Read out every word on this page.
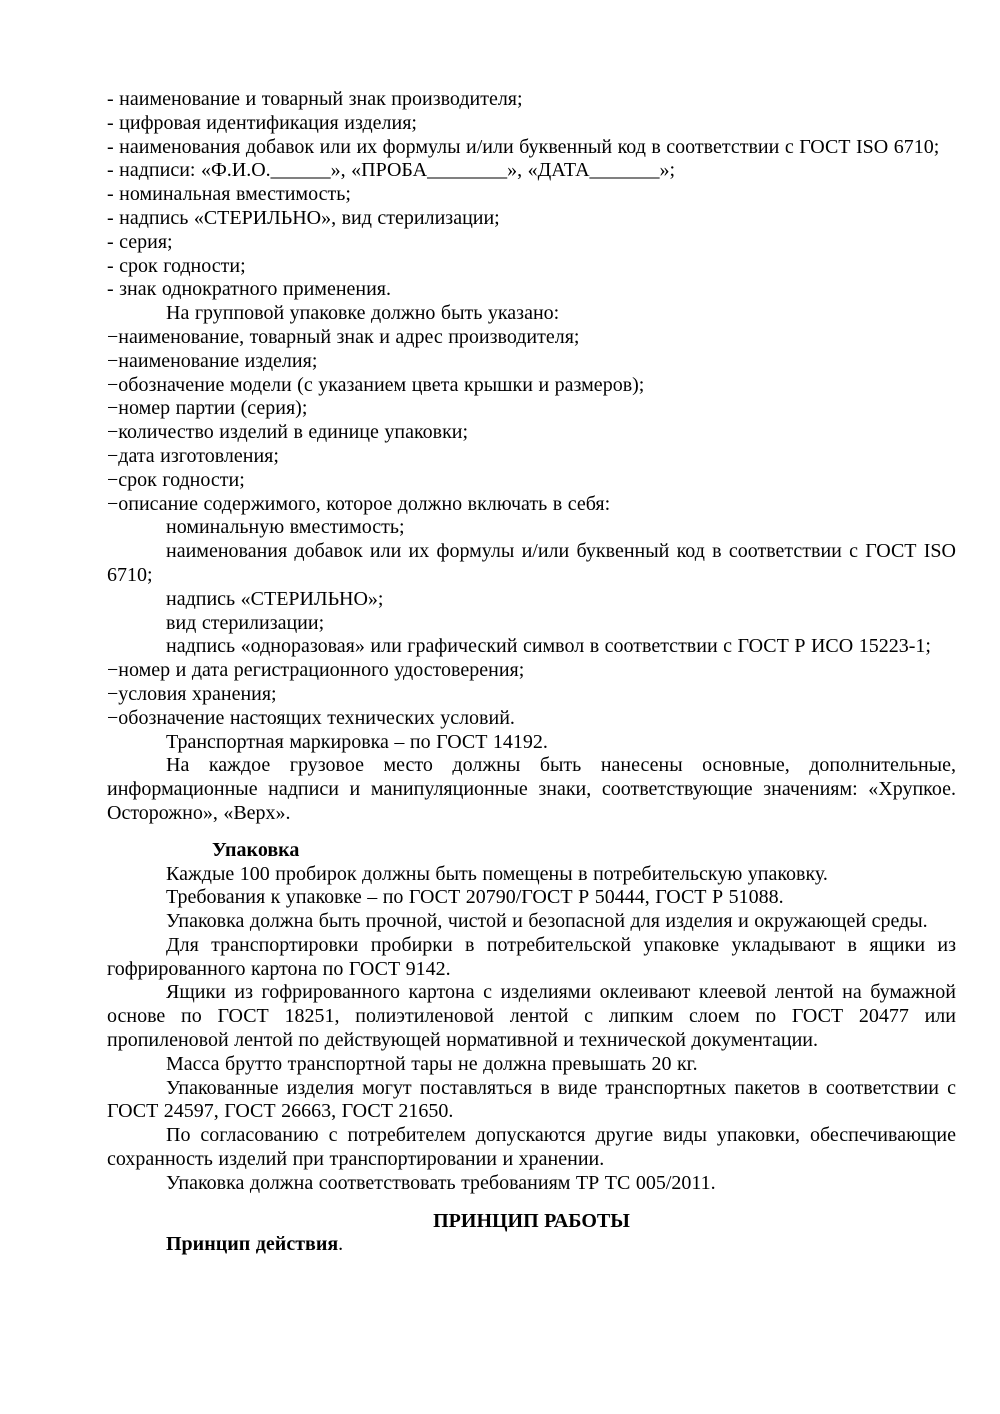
- наименование и товарный знак производителя;

- цифровая идентификация изделия;

- наименования добавок или их формулы и/или буквенный код в соответствии с ГОСТ ISO 6710;

- надписи: «Ф.И.О.______», «ПРОБА________», «ДАТА_______»;

- номинальная вместимость;

- надпись «СТЕРИЛЬНО», вид стерилизации;

- серия;

- срок годности;

- знак однократного применения.

На групповой упаковке должно быть указано:

−наименование, товарный знак и адрес производителя;

−наименование изделия;

−обозначение модели (с указанием цвета крышки и размеров);

−номер партии (серия);

−количество изделий в единице упаковки;

−дата изготовления;

−срок годности;

−описание содержимого, которое должно включать в себя:

номинальную вместимость;

наименования добавок или их формулы и/или буквенный код в соответствии с ГОСТ ISO 6710;

надпись «СТЕРИЛЬНО»;

вид стерилизации;

надпись «одноразовая» или графический символ в соответствии с ГОСТ Р ИСО 15223-1;

−номер и дата регистрационного удостоверения;

−условия хранения;

−обозначение настоящих технических условий.

Транспортная маркировка – по ГОСТ 14192.

На каждое грузовое место должны быть нанесены основные, дополнительные, информационные надписи и манипуляционные знаки, соответствующие значениям: «Хрупкое. Осторожно», «Верх».

Упаковка

Каждые 100 пробирок должны быть помещены в потребительскую упаковку.

Требования к упаковке – по ГОСТ 20790/ГОСТ Р 50444, ГОСТ Р 51088.

Упаковка должна быть прочной, чистой и безопасной для изделия и окружающей среды.

Для транспортировки пробирки в потребительской упаковке укладывают в ящики из гофрированного картона по ГОСТ 9142.

Ящики из гофрированного картона с изделиями оклеивают клеевой лентой на бумажной основе по ГОСТ 18251, полиэтиленовой лентой с липким слоем по ГОСТ 20477 или пропиленовой лентой по действующей нормативной и технической документации.

Масса брутто транспортной тары не должна превышать 20 кг.

Упакованные изделия могут поставляться в виде транспортных пакетов в соответствии с ГОСТ 24597, ГОСТ 26663, ГОСТ 21650.

По согласованию с потребителем допускаются другие виды упаковки, обеспечивающие сохранность изделий при транспортировании и хранении.

Упаковка должна соответствовать требованиям ТР ТС 005/2011.

ПРИНЦИП РАБОТЫ

Принцип действия.
